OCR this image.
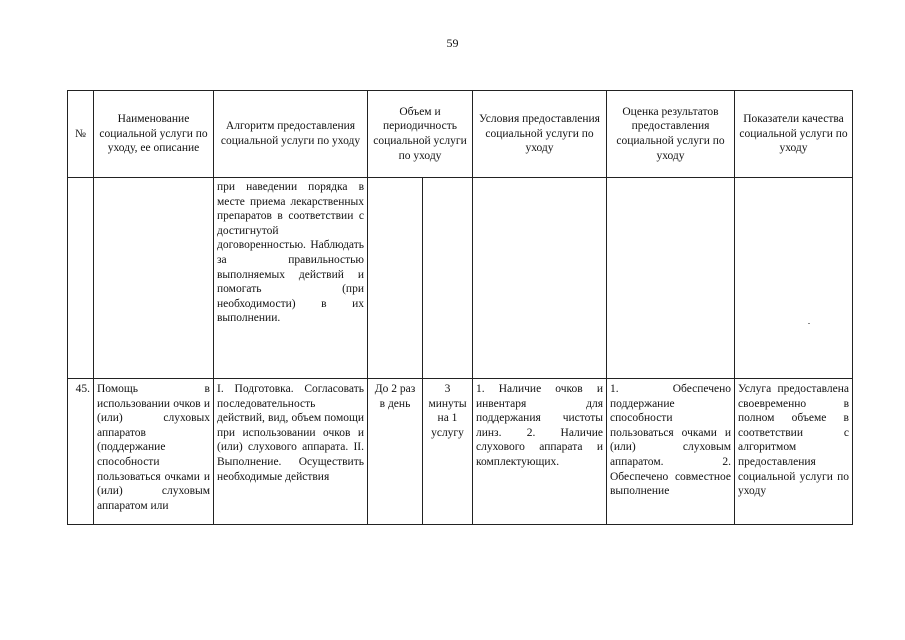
59
№	Наименование социальной услуги по уходу, ее описание	Алгоритм предоставления социальной услуги по уходу	Объем и периодичность социальной услуги по уходу		Условия предоставления социальной услуги по уходу	Оценка результатов предоставления социальной услуги по уходу	Показатели качества социальной услуги по уходу
		при наведении порядка в месте приема лекарственных препаратов в соответствии с достигнутой договоренностью. Наблюдать за правильностью выполняемых действий и помогать (при необходимости) в их выполнении.					
45.	Помощь в использовании очков и (или) слуховых аппаратов (поддержание способности пользоваться очками и (или) слуховым аппаратом или	I. Подготовка. Согласовать последовательность действий, вид, объем помощи при использовании очков и (или) слухового аппарата. II. Выполнение. Осуществить необходимые действия	До 2 раз в день	3 минуты на 1 услугу	1. Наличие очков и инвентаря для поддержания чистоты линз. 2. Наличие слухового аппарата и комплектующих.	1. Обеспечено поддержание способности пользоваться очками и (или) слуховым аппаратом. 2. Обеспечено совместное выполнение	Услуга предоставлена своевременно в полном объеме в соответствии с алгоритмом предоставления социальной услуги по уходу
